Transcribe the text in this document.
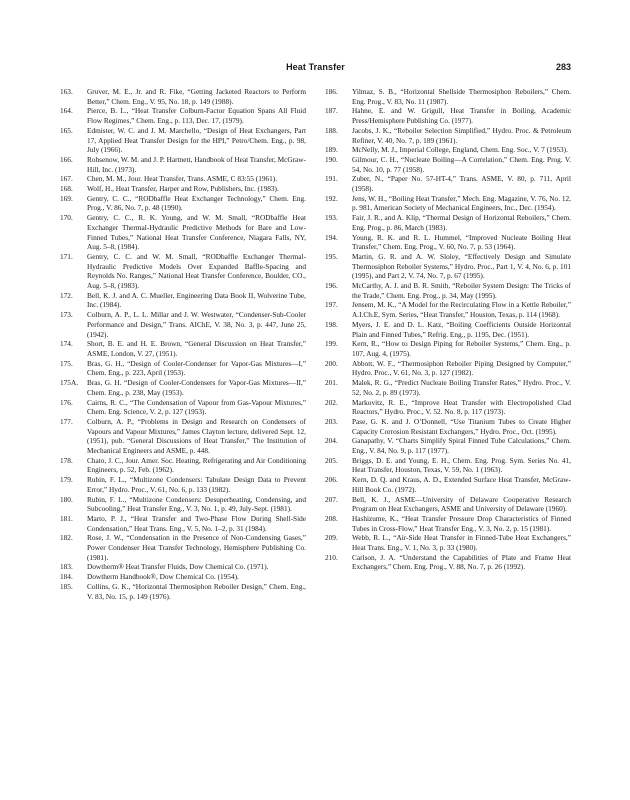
Heat Transfer	283

163. Gruver, M. E., Jr. and R. Fike, “Getting Jacketed Reactors to Perform Better,” Chem. Eng., V. 95, No. 18, p. 149 (1988).

164. Pierce, B. L., “Heat Transfer Colburn-Factor Equation Spans All Fluid Flow Regimes,” Chem. Eng., p. 113, Dec. 17, (1979).

165. Edmister, W. C. and J. M. Marchello, “Design of Heat Exchangers, Part 17, Applied Heat Transfer Design for the HPI,” Petro/Chem. Eng., p. 98, July (1966).

166. Rohsenow, W. M. and J. P. Hartnett, Handbook of Heat Transfer, McGraw-Hill, Inc. (1973).

167. Chen, M. M., Jour. Heat Transfer, Trans. ASME, C 83:55 (1961).

168. Wolf, H., Heat Transfer, Harper and Row, Publishers, Inc. (1983).

169. Gentry, C. C., “RODbaffle Heat Exchanger Technology,” Chem. Eng. Prog., V. 86, No. 7, p. 48 (1990).

170. Gentry, C. C., R. K. Young, and W. M. Small, “RODbaffle Heat Exchanger Thermal-Hydraulic Predictive Methods for Bare and Low-Finned Tubes,” National Heat Transfer Conference, Niagara Falls, NY, Aug. 5–8, (1984).

171. Gentry, C. C. and W. M. Small, “RODbaffle Exchanger Thermal-Hydraulic Predictive Models Over Expanded Baffle-Spacing and Reynolds No. Ranges,” National Heat Transfer Conference, Boulder, CO., Aug. 5–8, (1983).

172. Bell, K. J. and A. C. Mueller, Engineering Data Book II, Wolverine Tube, Inc. (1984).

173. Colburn, A. P., L. L. Millar and J. W. Westwater, “Condenser-Sub-Cooler Performance and Design,” Trans. AIChE, V. 38, No. 3, p. 447, June 25, (1942).

174. Short, B. E. and H. E. Brown, “General Discussion on Heat Transfer,” ASME, London, V. 27, (1951).

175. Bras, G. H., “Design of Cooler-Condenser for Vapor-Gas Mixtures—I,” Chem. Eng., p. 223, April (1953).

175A. Bras, G. H. “Design of Cooler-Condensers for Vapor-Gas Mixtures—II,” Chem. Eng., p. 238, May (1953).

176. Cairns, R. C., “The Condensation of Vapour from Gas-Vapour Mixtures,” Chem. Eng. Science, V. 2, p. 127 (1953).

177. Colburn, A. P., “Problems in Design and Research on Condensers of Vapours and Vapour Mixtures,” James Clayton lecture, delivered Sept. 12, (1951), pub. “General Discussions of Heat Transfer,” The Institution of Mechanical Engineers and ASME, p. 448.

178. Chato, J. C., Jour. Amer. Soc. Heating, Refrigerating and Air Conditioning Engineers, p. 52, Feb. (1962).

179. Rubin, F. L., “Multizone Condensers: Tabulate Design Data to Prevent Error,” Hydro. Proc., V. 61, No. 6, p. 133 (1982).

180. Rubin, F. L., “Multizone Condensers: Desuperheating, Condensing, and Subcooling,” Heat Transfer Eng., V. 3, No. 1, p. 49, July-Sept. (1981).

181. Marto, P. J., “Heat Transfer and Two-Phase Flow During Shell-Side Condensation,” Heat Trans. Eng., V. 5, No. 1–2, p. 31 (1984).

182. Rose, J. W., “Condensation in the Presence of Non-Condensing Gases,” Power Condenser Heat Transfer Technology, Hemisphere Publishing Co. (1981).

183. Dowtherm® Heat Transfer Fluids, Dow Chemical Co. (1971).

184. Dowtherm Handbook®, Dow Chemical Co. (1954).

185. Collins, G. K., “Horizontal Thermosiphon Reboiler Design,” Chem. Eng., V. 83, No. 15, p. 149 (1976).

186. Yilmaz, S. B., “Horizontal Shellside Thermosiphon Reboilers,” Chem. Eng. Prog., V. 83, No. 11 (1987).

187. Hahne, E. and W. Grigull, Heat Transfer in Boiling, Academic Press/Hemisphere Publishing Co. (1977).

188. Jacobs, J. K., “Reboiler Selection Simplified,” Hydro. Proc. & Petroleum Refiner, V. 40, No. 7, p. 189 (1961).

189. McNelly, M. J., Imperial College, England, Chem. Eng. Soc., V. 7 (1953).

190. Gilmour, C. H., “Nucleate Boiling—A Correlation,” Chem. Eng. Prog. V. 54, No. 10, p. 77 (1958).

191. Zuber, N., “Paper No. 57-HT-4,” Trans. ASME, V. 80, p. 711, April (1958).

192. Jens, W. H., “Boiling Heat Transfer,” Mech. Eng. Magazine, V. 76, No. 12, p. 981, American Society of Mechanical Engineers, Inc., Dec. (1954).

193. Fair, J. R., and A. Klip, “Thermal Design of Horizontal Reboilers,” Chem. Eng. Prog., p. 86, March (1983).

194. Young, R. K. and R. L. Hummel, “Improved Nucleate Boiling Heat Transfer,” Chem. Eng. Prog., V. 60, No. 7, p. 53 (1964).

195. Martin, G. R. and A. W. Sloley, “Effectively Design and Simulate Thermosiphon Reboiler Systems,” Hydro. Proc., Part 1, V. 4, No. 6, p. 101 (1995), and Part 2, V. 74, No. 7, p. 67 (1995).

196. McCarthy, A. J. and B. R. Smith, “Reboiler System Design: The Tricks of the Trade,” Chem. Eng. Prog., p. 34, May (1995).

197. Jensem, M. K., “A Model for the Recirculating Flow in a Kettle Reboiler,” A.I.Ch.E, Sym. Series, “Heat Transfer,” Houston, Texas, p. 114 (1968).

198. Myers, J. E. and D. L. Katz, “Boiling Coefficients Outside Horizontal Plain and Finned Tubes,” Refrig. Eng., p. 1195, Dec. (1951).

199. Kern, R., “How to Design Piping for Reboiler Systems,” Chem. Eng., p. 107, Aug. 4, (1975).

200. Abbott, W. F., “Thermosiphon Reboiler Piping Designed by Computer,” Hydro. Proc., V. 61, No. 3, p. 127 (1982).

201. Malek, R. G., “Predict Nucleate Boiling Transfer Rates,” Hydro. Proc., V. 52, No. 2, p. 89 (1973).

202. Markovitz, R. E., “Improve Heat Transfer with Electropolished Clad Reactors,” Hydro. Proc., V. 52. No. 8, p. 117 (1973).

203. Pase, G. K. and J. O’Donnell, “Use Titanium Tubes to Create Higher Capacity Corrosion Resistant Exchangers,” Hydro. Proc., Oct. (1995).

204. Ganapathy, V. “Charts Simplify Spiral Finned Tube Calculations,” Chem. Eng., V. 84, No. 9, p. 117 (1977).

205. Briggs, D. E. and Young, E. H., Chem. Eng. Prog. Sym. Series No. 41, Heat Transfer, Houston, Texas, V. 59, No. 1 (1963).

206. Kern, D. Q. and Kraus, A. D., Extended Surface Heat Transfer, McGraw-Hill Book Co. (1972).

207. Bell, K. J., ASME—University of Delaware Cooperative Research Program on Heat Exchangers, ASME and University of Delaware (1960).

208. Hashizume, K., “Heat Transfer Pressure Drop Characteristics of Finned Tubes in Cross-Flow,” Heat Transfer Eng., V. 3, No. 2, p. 15 (1981).

209. Webb, R. L., “Air-Side Heat Transfer in Finned-Tube Heat Exchangers,” Heat Trans. Eng., V. 1, No. 3, p. 33 (1980).

210. Carlson, J. A. “Understand the Capabilities of Plate and Frame Heat Exchangers,” Chem. Eng. Prog., V. 88, No. 7, p. 26 (1992).
